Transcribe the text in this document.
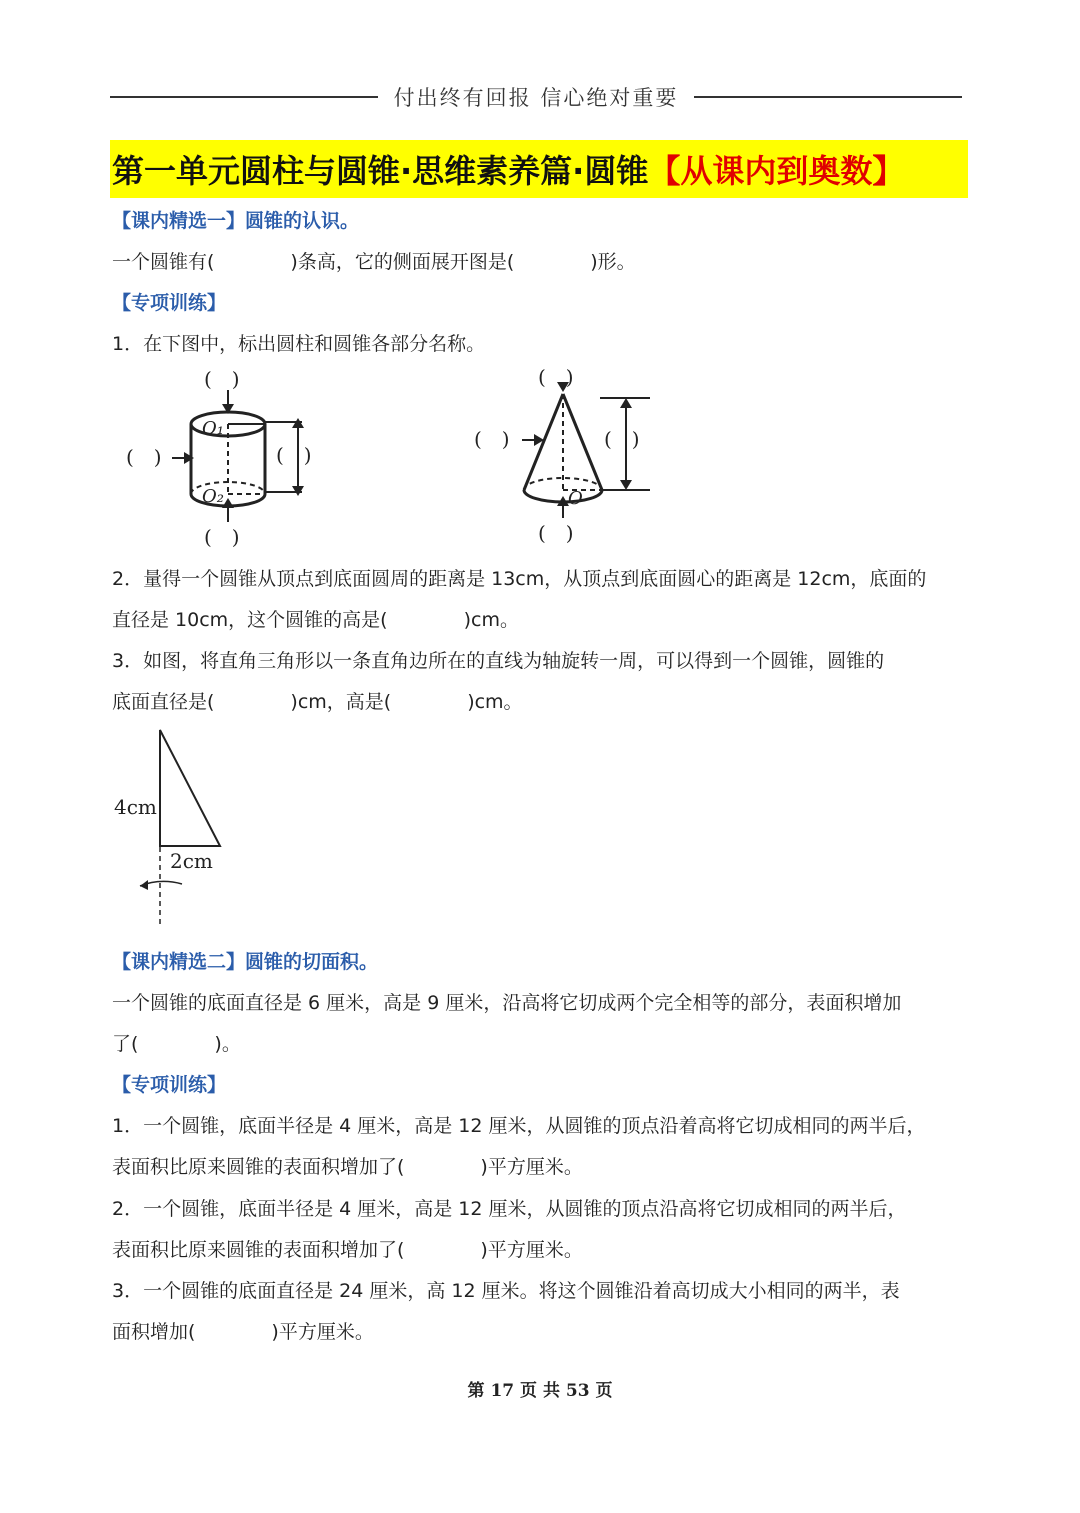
付出终有回报 信心绝对重要
第一单元圆柱与圆锥·思维素养篇·圆锥【从课内到奥数】
【课内精选一】圆锥的认识。
一个圆锥有(　　　　)条高，它的侧面展开图是(　　　　)形。
【专项训练】
1．在下图中，标出圆柱和圆锥各部分名称。
(　)
(　)
(　)	(　)
O₁
O₂
(　)
(　)
(　)
(　)
O
2．量得一个圆锥从顶点到底面圆周的距离是 13cm，从顶点到底面圆心的距离是 12cm，底面的
直径是 10cm，这个圆锥的高是(　　　　)cm。
3．如图，将直角三角形以一条直角边所在的直线为轴旋转一周，可以得到一个圆锥，圆锥的
底面直径是(　　　　)cm，高是(　　　　)cm。
4cm
2cm
【课内精选二】圆锥的切面积。
一个圆锥的底面直径是 6 厘米，高是 9 厘米，沿高将它切成两个完全相等的部分，表面积增加
了(　　　　)。
【专项训练】
1．一个圆锥，底面半径是 4 厘米，高是 12 厘米，从圆锥的顶点沿着高将它切成相同的两半后，
表面积比原来圆锥的表面积增加了(　　　　)平方厘米。
2．一个圆锥，底面半径是 4 厘米，高是 12 厘米，从圆锥的顶点沿高将它切成相同的两半后，
表面积比原来圆锥的表面积增加了(　　　　)平方厘米。
3．一个圆锥的底面直径是 24 厘米，高 12 厘米。将这个圆锥沿着高切成大小相同的两半，表
面积增加(　　　　)平方厘米。
第 17 页 共 53 页
